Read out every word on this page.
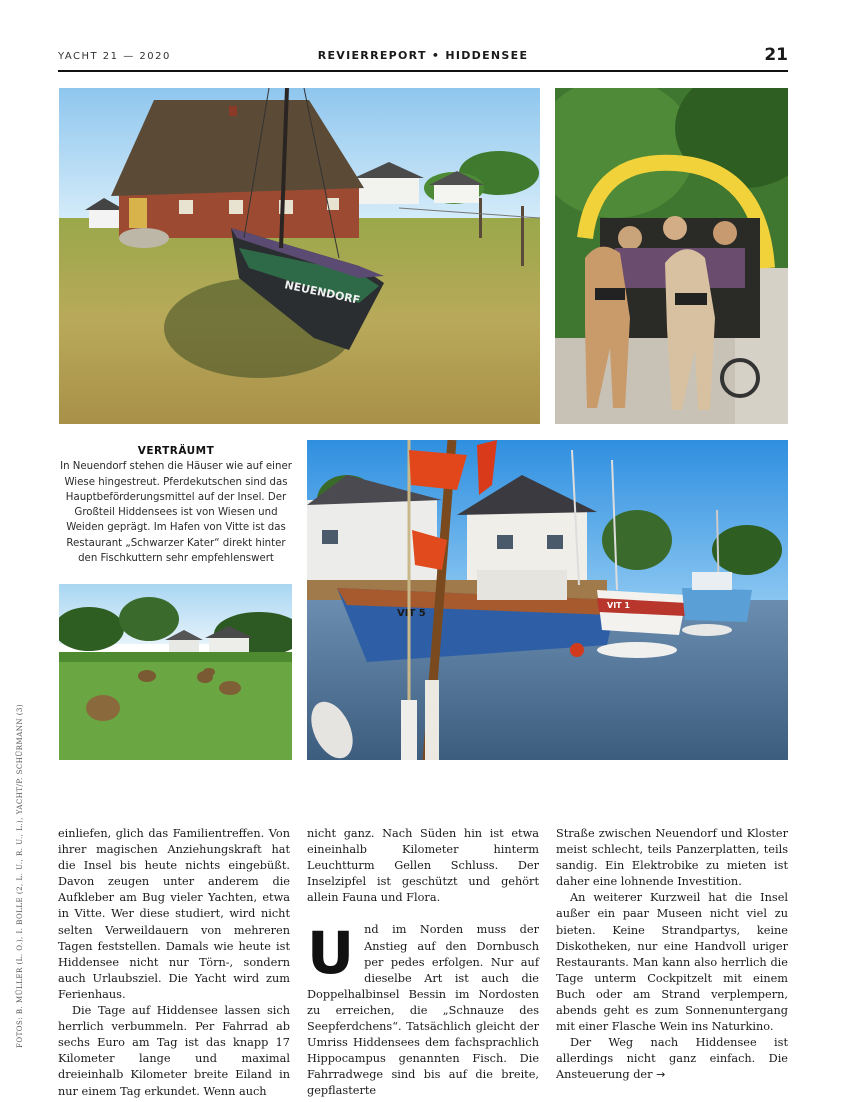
YACHT 21 — 2020	REVIERREPORT • HIDDENSEE	21
NEUENDORF
VERTRÄUMT
In Neuendorf stehen die Häuser wie auf einer Wiese hingestreut. Pferdekutschen sind das Hauptbeförderungsmittel auf der Insel. Der Großteil Hiddensees ist von Wiesen und Weiden geprägt. Im Hafen von Vitte ist das Restaurant „Schwarzer Kater“ direkt hinter den Fischkuttern sehr empfehlenswert
VIT 5
VIT 1
FOTOS: B. MÜLLER (L. O.), I. BOLLE (2, L. U., R. U., L.), YACHT/P. SCHÜRMANN (3)	einliefen, glich das Familientreffen. Von ihrer magischen Anziehungskraft hat die Insel bis heute nichts eingebüßt. Davon zeugen unter anderem die Aufkleber am Bug vieler Yachten, etwa in Vitte. Wer diese studiert, wird nicht selten Verweildauern von mehreren Tagen feststellen. Damals wie heute ist Hiddensee nicht nur Törn-, sondern auch Urlaubsziel. Die Yacht wird zum Ferienhaus.

Die Tage auf Hiddensee lassen sich herrlich verbummeln. Per Fahrrad ab sechs Euro am Tag ist das knapp 17 Kilometer lange und maximal dreieinhalb Kilometer breite Eiland in nur einem Tag erkundet. Wenn auch

nicht ganz. Nach Süden hin ist etwa eineinhalb Kilometer hinterm Leuchtturm Gellen Schluss. Der Inselzipfel ist geschützt und gehört allein Fauna und Flora.

U nd im Norden muss der Anstieg auf den Dornbusch per pedes erfolgen. Nur auf dieselbe Art ist auch die Doppelhalbinsel Bessin im Nordosten zu erreichen, die „Schnauze des Seepferdchens“. Tatsächlich gleicht der Umriss Hiddensees dem fachsprachlich Hippocampus genannten Fisch. Die Fahrradwege sind bis auf die breite, gepflasterte

Straße zwischen Neuendorf und Kloster meist schlecht, teils Panzerplatten, teils sandig. Ein Elektrobike zu mieten ist daher eine lohnende Investition.

An weiterer Kurzweil hat die Insel außer ein paar Museen nicht viel zu bieten. Keine Strandpartys, keine Diskotheken, nur eine Handvoll uriger Restaurants. Man kann also herrlich die Tage unterm Cockpitzelt mit einem Buch oder am Strand verplempern, abends geht es zum Sonnenuntergang mit einer Flasche Wein ins Naturkino.

Der Weg nach Hiddensee ist allerdings nicht ganz einfach. Die Ansteuerung der →
